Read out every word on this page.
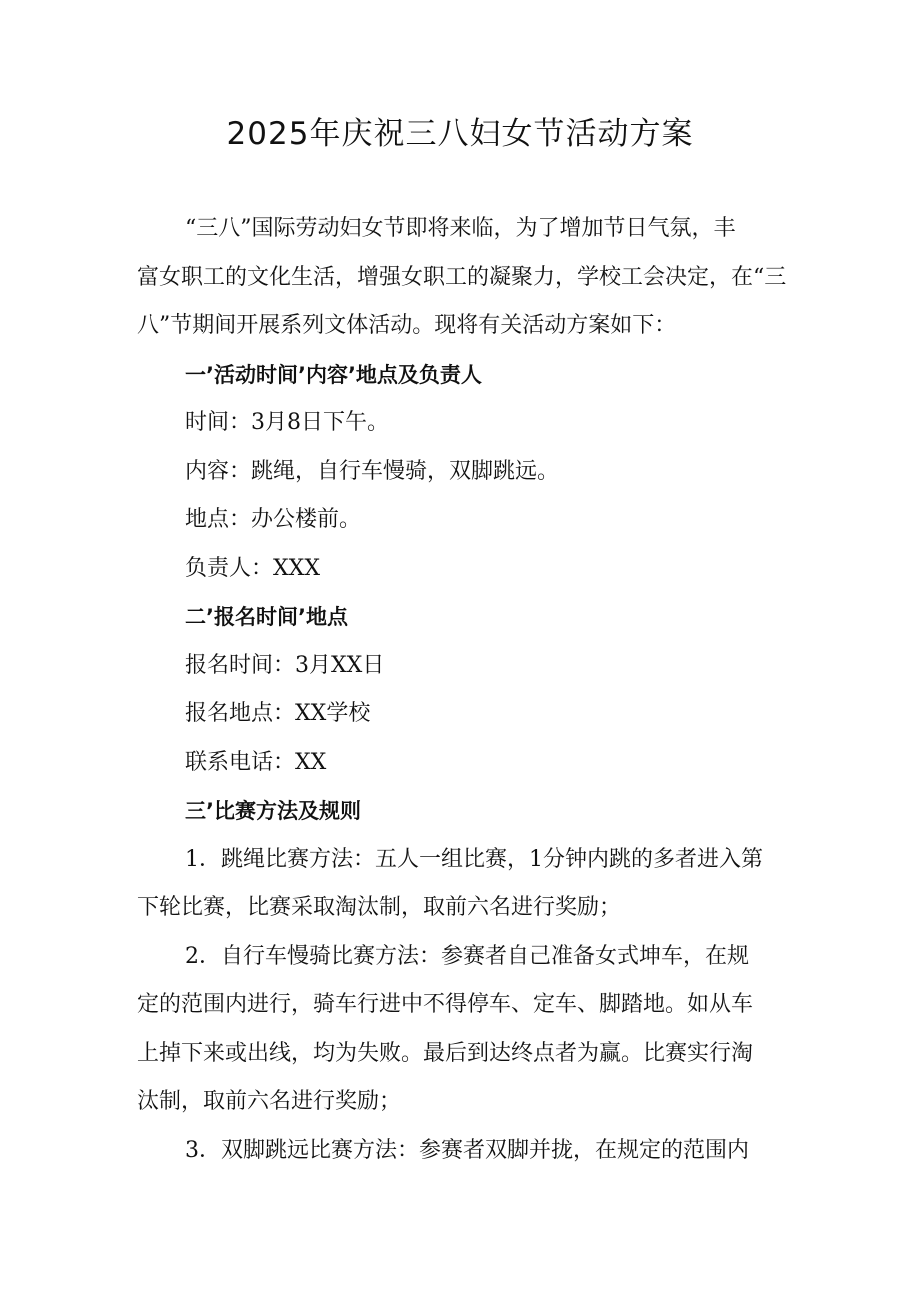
2025年庆祝三八妇女节活动方案

“三八”国际劳动妇女节即将来临，为了增加节日气氛，丰

富女职工的文化生活，增强女职工的凝聚力，学校工会决定，在“三

八”节期间开展系列文体活动。现将有关活动方案如下：

一’活动时间’内容’地点及负责人

时间：3月8日下午。

内容：跳绳，自行车慢骑，双脚跳远。

地点：办公楼前。

负责人：XXX

二’报名时间’地点

报名时间：3月XX日

报名地点：XX学校

联系电话：XX

三’比赛方法及规则

1．跳绳比赛方法：五人一组比赛，1分钟内跳的多者进入第

下轮比赛，比赛采取淘汰制，取前六名进行奖励；

2．自行车慢骑比赛方法：参赛者自己准备女式坤车，在规

定的范围内进行，骑车行进中不得停车、定车、脚踏地。如从车

上掉下来或出线，均为失败。最后到达终点者为赢。比赛实行淘

汰制，取前六名进行奖励；

3．双脚跳远比赛方法：参赛者双脚并拢，在规定的范围内
